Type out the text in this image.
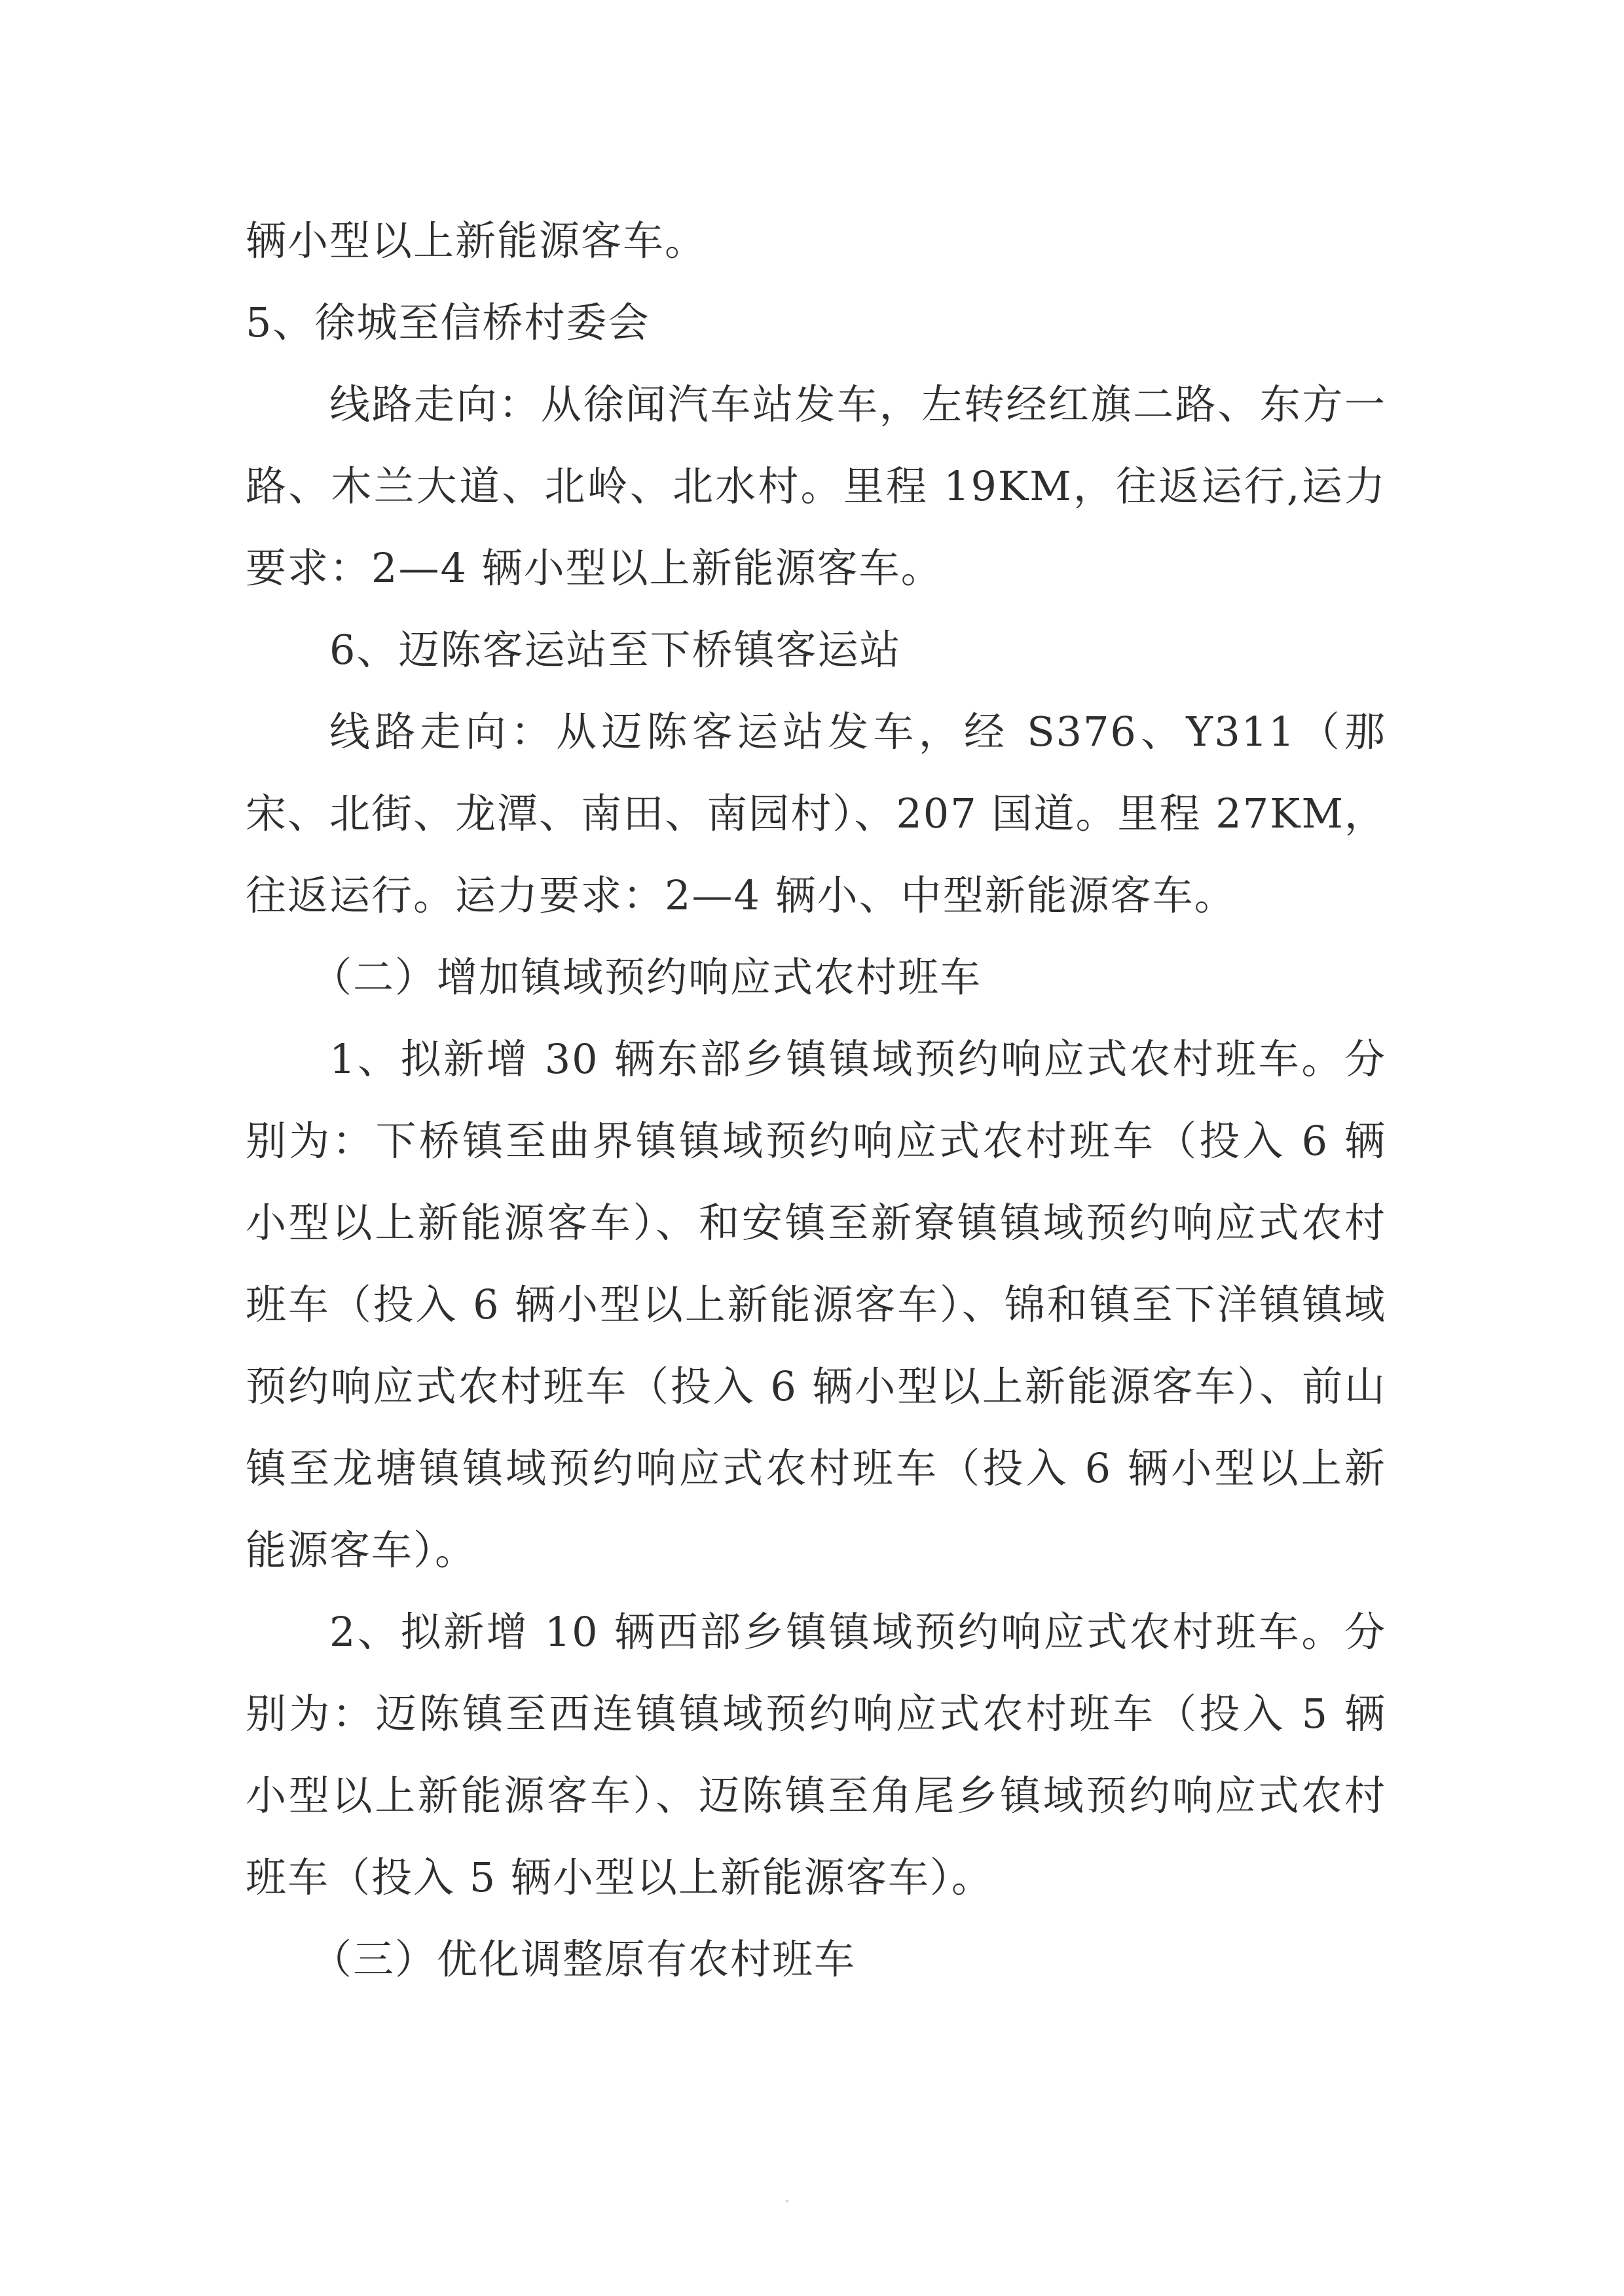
辆小型以上新能源客车。

5、徐城至信桥村委会

线路走向：从徐闻汽车站发车，左转经红旗二路、东方一路、木兰大道、北岭、北水村。里程 19KM，往返运行,运力要求：2—4 辆小型以上新能源客车。

6、迈陈客运站至下桥镇客运站

线路走向：从迈陈客运站发车，经 S376、Y311（那宋、北街、龙潭、南田、南园村）、207 国道。里程 27KM，往返运行。运力要求：2—4 辆小、中型新能源客车。

（二）增加镇域预约响应式农村班车

1、拟新增 30 辆东部乡镇镇域预约响应式农村班车。分别为：下桥镇至曲界镇镇域预约响应式农村班车（投入 6 辆小型以上新能源客车）、和安镇至新寮镇镇域预约响应式农村班车（投入 6 辆小型以上新能源客车）、锦和镇至下洋镇镇域预约响应式农村班车（投入 6 辆小型以上新能源客车）、前山镇至龙塘镇镇域预约响应式农村班车（投入 6 辆小型以上新能源客车）。

2、拟新增 10 辆西部乡镇镇域预约响应式农村班车。分别为：迈陈镇至西连镇镇域预约响应式农村班车（投入 5 辆小型以上新能源客车）、迈陈镇至角尾乡镇域预约响应式农村班车（投入 5 辆小型以上新能源客车）。

（三）优化调整原有农村班车
